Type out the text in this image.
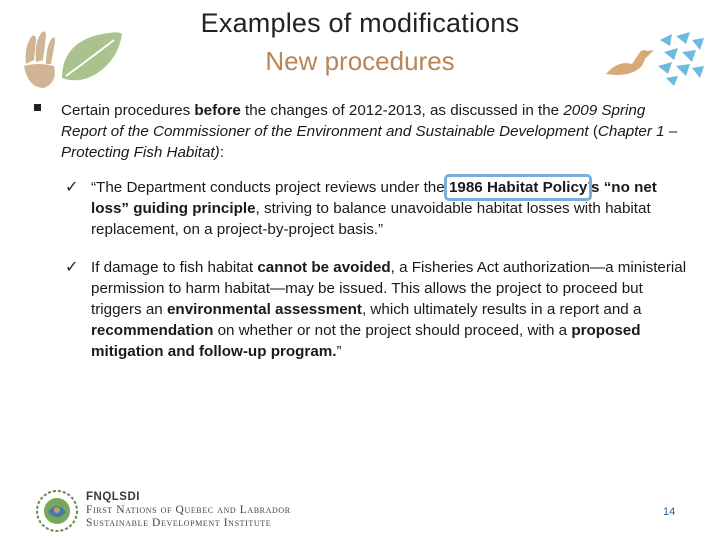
Examples of modifications
New procedures
Certain procedures before the changes of 2012-2013, as discussed in the 2009 Spring Report of the Commissioner of the Environment and Sustainable Development (Chapter 1 – Protecting Fish Habitat):
✓ “The Department conducts project reviews under the 1986 Habitat Policy
’s “no net loss” guiding principle, striving to balance unavoidable habitat losses with habitat replacement, on a project-by-project basis.”
✓ If damage to fish habitat cannot be avoided, a Fisheries Act authorization—a ministerial permission to harm habitat—may be issued. This allows the project to proceed but triggers an environmental assessment, which ultimately results in a report and a recommendation on whether or not the project should proceed, with a proposed mitigation and follow-up program.”
FNQLSDI
First Nations of Quebec and Labrador
Sustainable Development Institute
14
